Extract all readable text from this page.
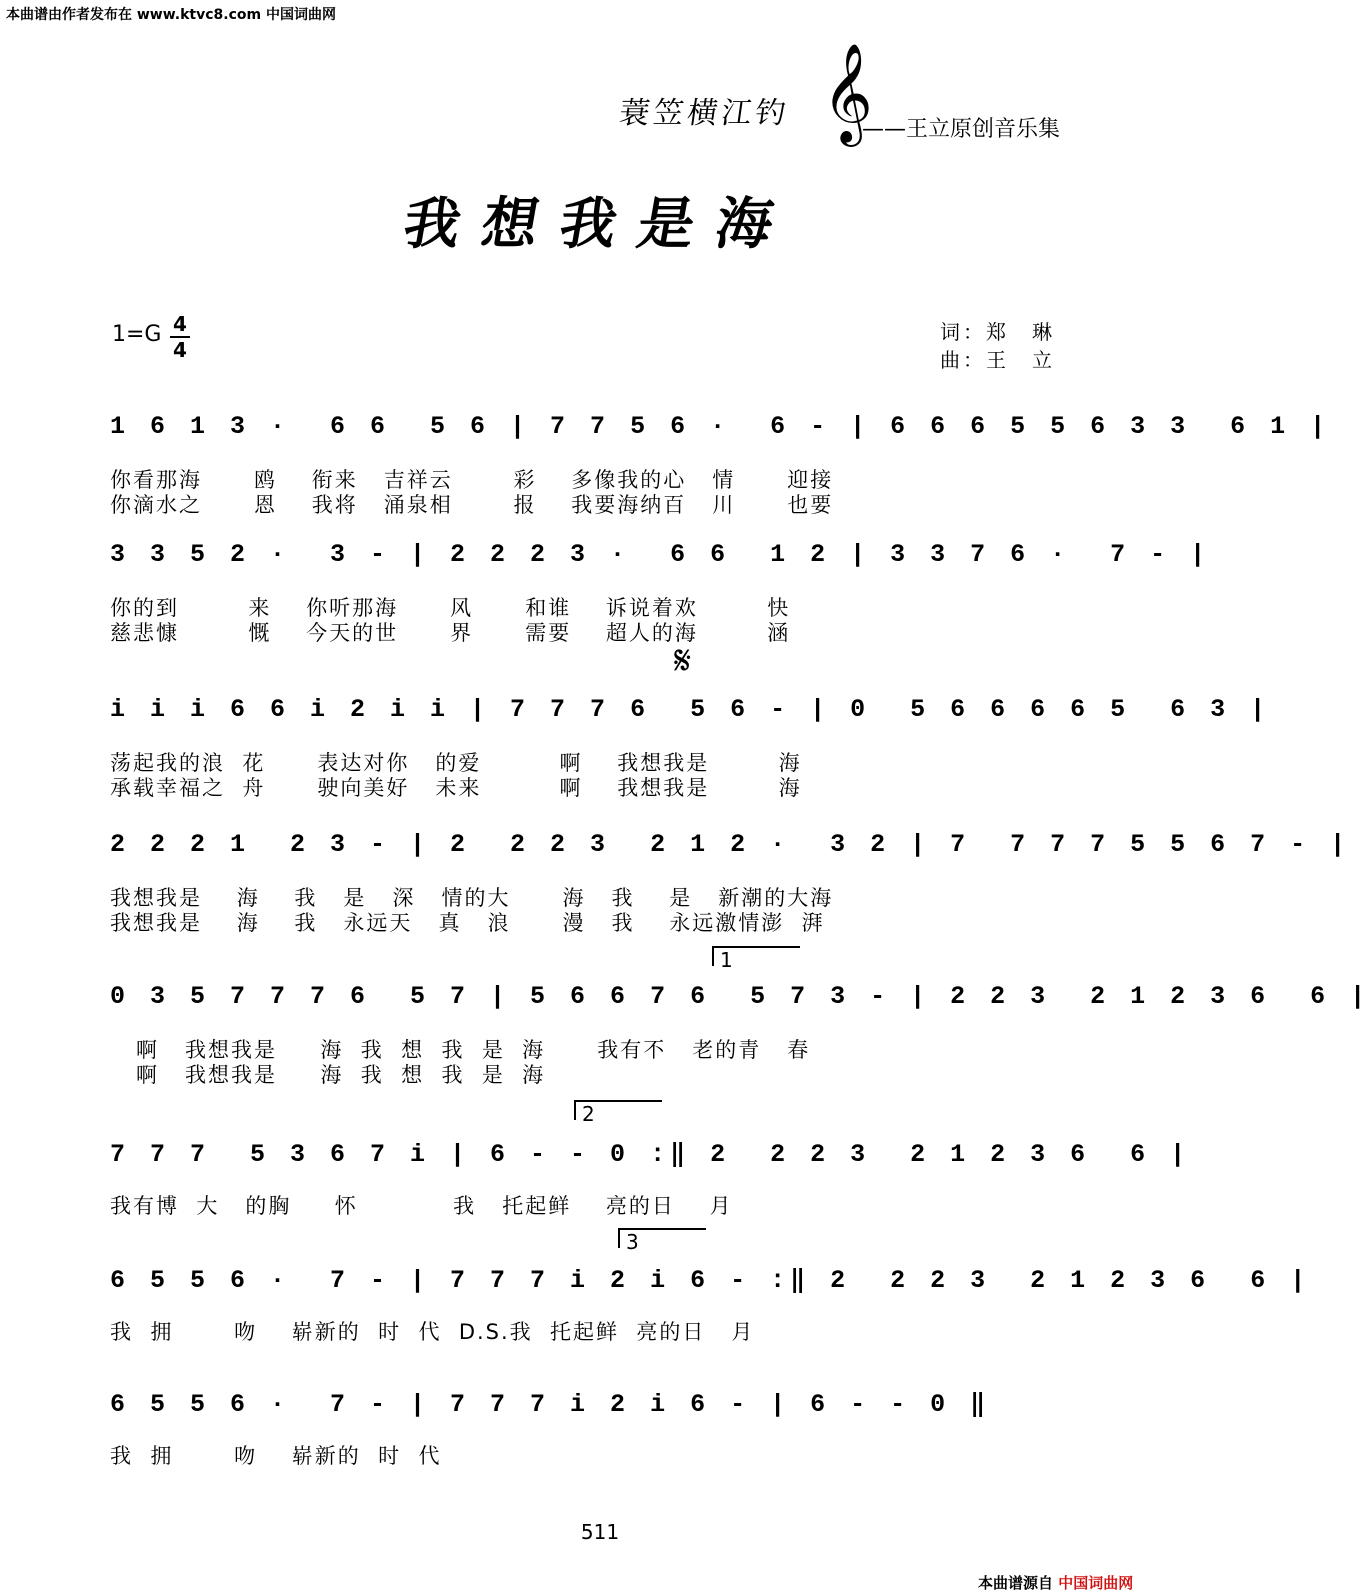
本曲谱由作者发布在 www.ktvc8.com 中国词曲网
蓑笠横江钓 𝄞
——王立原创音乐集
我想我是海
1=G 4
4
词：郑　琳
曲：王　立
𝄋
1 6 1 3 ·  6 6  5 6 | 7 7 5 6 ·  6 - | 6 6 6 5 5 6 3 3  6 1 |
你看那海      鸥    衔来   吉祥云       彩    多像我的心   情      迎接
你滴水之      恩    我将   涌泉相       报    我要海纳百   川      也要
3 3 5 2 ·  3 - | 2 2 2 3 ·  6 6  1 2 | 3 3 7 6 ·  7 - |
你的到        来    你听那海      风      和谁    诉说着欢        快
慈悲慷        慨    今天的世      界      需要    超人的海        涵
i i i 6 6 i 2 i i | 7 7 7 6  5 6 - | 0  5 6 6 6 6 5  6 3 |
荡起我的浪  花      表达对你   的爱         啊    我想我是        海
承载幸福之  舟      驶向美好   未来         啊    我想我是        海
2 2 2 1  2 3 - | 2  2 2 3  2 1 2 ·  3 2 | 7  7 7 7 5 5 6 7 - |
我想我是    海    我   是   深   情的大      海   我    是   新潮的大海
我想我是    海    我   永远天   真   浪      漫   我    永远激情澎  湃
1
0 3 5 7 7 7 6  5 7 | 5 6 6 7 6  5 7 3 - | 2 2 3  2 1 2 3 6  6 |
啊   我想我是     海  我  想  我  是  海      我有不   老的青   春
啊   我想我是     海  我  想  我  是  海
2
7 7 7  5 3 6 7 i | 6 - - 0 :‖ 2  2 2 3  2 1 2 3 6  6 |
我有博  大   的胸     怀           我   托起鲜    亮的日    月
3
6 5 5 6 ·  7 - | 7 7 7 i 2 i 6 - :‖ 2  2 2 3  2 1 2 3 6  6 |
我  拥       吻    崭新的  时  代  D.S.我  托起鲜  亮的日   月
6 5 5 6 ·  7 - | 7 7 7 i 2 i 6 - | 6 - - 0 ‖
我  拥       吻    崭新的  时  代
511
本曲谱源自 中国词曲网
